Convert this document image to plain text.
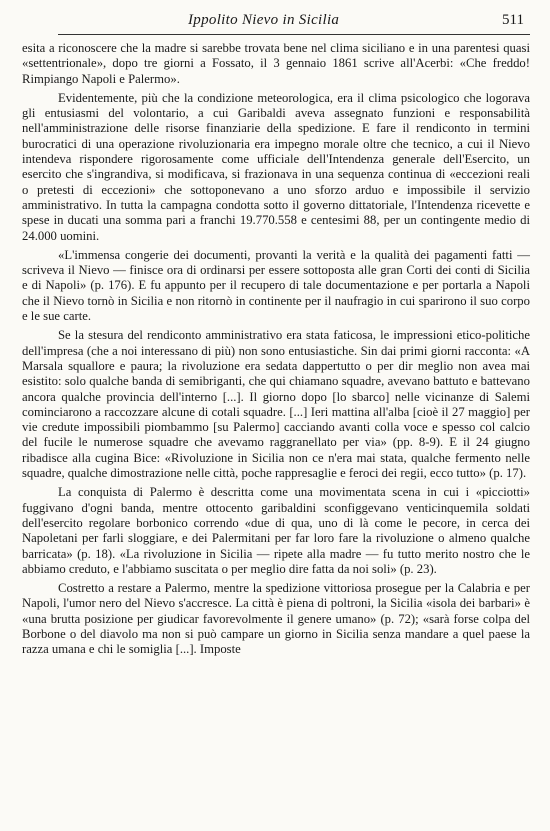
Ippolito Nievo in Sicilia	511

esita a riconoscere che la madre si sarebbe trovata bene nel clima siciliano e in una parentesi quasi «settentrionale», dopo tre giorni a Fossato, il 3 gennaio 1861 scrive all'Acerbi: «Che freddo! Rimpiango Napoli e Palermo».

Evidentemente, più che la condizione meteorologica, era il clima psicologico che logorava gli entusiasmi del volontario, a cui Garibaldi aveva assegnato funzioni e responsabilità nell'amministrazione delle risorse finanziarie della spedizione. E fare il rendiconto in termini burocratici di una operazione rivoluzionaria era impegno morale oltre che tecnico, a cui il Nievo intendeva rispondere rigorosamente come ufficiale dell'Intendenza generale dell'Esercito, un esercito che s'ingrandiva, si modificava, si frazionava in una sequenza continua di «eccezioni reali o pretesti di eccezioni» che sottoponevano a uno sforzo arduo e impossibile il servizio amministrativo. In tutta la campagna condotta sotto il governo dittatoriale, l'Intendenza ricevette e spese in ducati una somma pari a franchi 19.770.558 e centesimi 88, per un contingente medio di 24.000 uomini.

«L'immensa congerie dei documenti, provanti la verità e la qualità dei pagamenti fatti — scriveva il Nievo — finisce ora di ordinarsi per essere sottoposta alle gran Corti dei conti di Sicilia e di Napoli» (p. 176). E fu appunto per il recupero di tale documentazione e per portarla a Napoli che il Nievo tornò in Sicilia e non ritornò in continente per il naufragio in cui sparirono il suo corpo e le sue carte.

Se la stesura del rendiconto amministrativo era stata faticosa, le impressioni etico-politiche dell'impresa (che a noi interessano di più) non sono entusiastiche. Sin dai primi giorni racconta: «A Marsala squallore e paura; la rivoluzione era sedata dappertutto o per dir meglio non avea mai esistito: solo qualche banda di semibriganti, che qui chiamano squadre, avevano battuto e battevano ancora qualche provincia dell'interno [...]. Il giorno dopo [lo sbarco] nelle vicinanze di Salemi cominciarono a raccozzare alcune di cotali squadre. [...] Ieri mattina all'alba [cioè il 27 maggio] per vie credute impossibili piombammo [su Palermo] cacciando avanti colla voce e spesso col calcio del fucile le numerose squadre che avevamo raggranellato per via» (pp. 8-9). E il 24 giugno ribadisce alla cugina Bice: «Rivoluzione in Sicilia non ce n'era mai stata, qualche fermento nelle squadre, qualche dimostrazione nelle città, poche rappresaglie e feroci dei regii, ecco tutto» (p. 17).

La conquista di Palermo è descritta come una movimentata scena in cui i «picciotti» fuggivano d'ogni banda, mentre ottocento garibaldini sconfiggevano venticinquemila soldati dell'esercito regolare borbonico correndo «due di qua, uno di là come le pecore, in cerca dei Napoletani per farli sloggiare, e dei Palermitani per far loro fare la rivoluzione o almeno qualche barricata» (p. 18). «La rivoluzione in Sicilia — ripete alla madre — fu tutto merito nostro che le abbiamo creduto, e l'abbiamo suscitata o per meglio dire fatta da noi soli» (p. 23).

Costretto a restare a Palermo, mentre la spedizione vittoriosa prosegue per la Calabria e per Napoli, l'umor nero del Nievo s'accresce. La città è piena di poltroni, la Sicilia «isola dei barbari» è «una brutta posizione per giudicar favorevolmente il genere umano» (p. 72); «sarà forse colpa del Borbone o del diavolo ma non si può campare un giorno in Sicilia senza mandare a quel paese la razza umana e chi le somiglia [...]. Imposte
